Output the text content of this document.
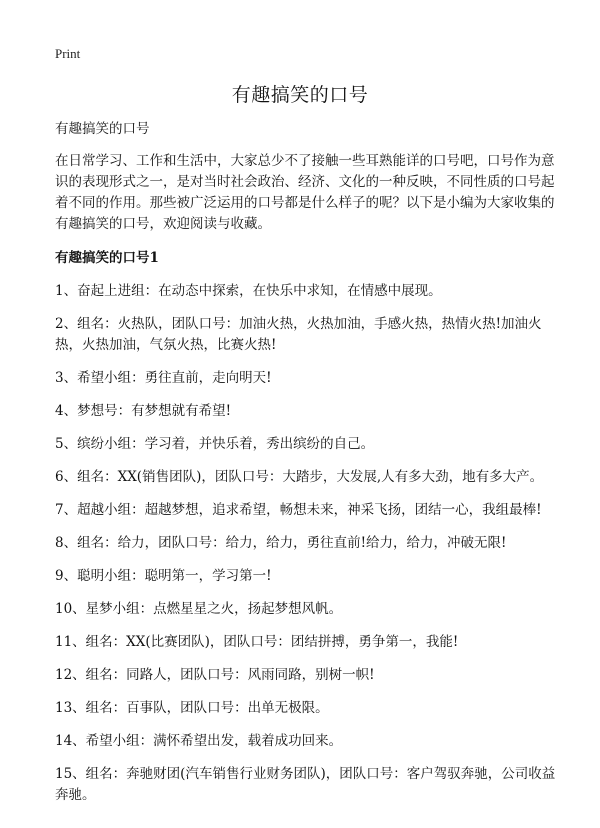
Print
有趣搞笑的口号

有趣搞笑的口号

在日常学习、工作和生活中，大家总少不了接触一些耳熟能详的口号吧，口号作为意识的表现形式之一，是对当时社会政治、经济、文化的一种反映，不同性质的口号起着不同的作用。那些被广泛运用的口号都是什么样子的呢？以下是小编为大家收集的有趣搞笑的口号，欢迎阅读与收藏。

有趣搞笑的口号1

1、奋起上进组：在动态中探索，在快乐中求知，在情感中展现。

2、组名：火热队，团队口号：加油火热，火热加油，手感火热，热情火热!加油火热，火热加油，气氛火热，比赛火热!

3、希望小组：勇往直前，走向明天!

4、梦想号：有梦想就有希望!

5、缤纷小组：学习着，并快乐着，秀出缤纷的自己。

6、组名：XX(销售团队)，团队口号：大踏步，大发展,人有多大劲，地有多大产。

7、超越小组：超越梦想，追求希望，畅想未来，神采飞扬，团结一心，我组最棒!

8、组名：给力，团队口号：给力，给力，勇往直前!给力，给力，冲破无限!

9、聪明小组：聪明第一，学习第一!

10、星梦小组：点燃星星之火，扬起梦想风帆。

11、组名：XX(比赛团队)，团队口号：团结拼搏，勇争第一，我能!

12、组名：同路人，团队口号：风雨同路，别树一帜!

13、组名：百事队，团队口号：出单无极限。

14、希望小组：满怀希望出发，载着成功回来。

15、组名：奔驰财团(汽车销售行业财务团队)，团队口号：客户驾驭奔驰，公司收益奔驰。
